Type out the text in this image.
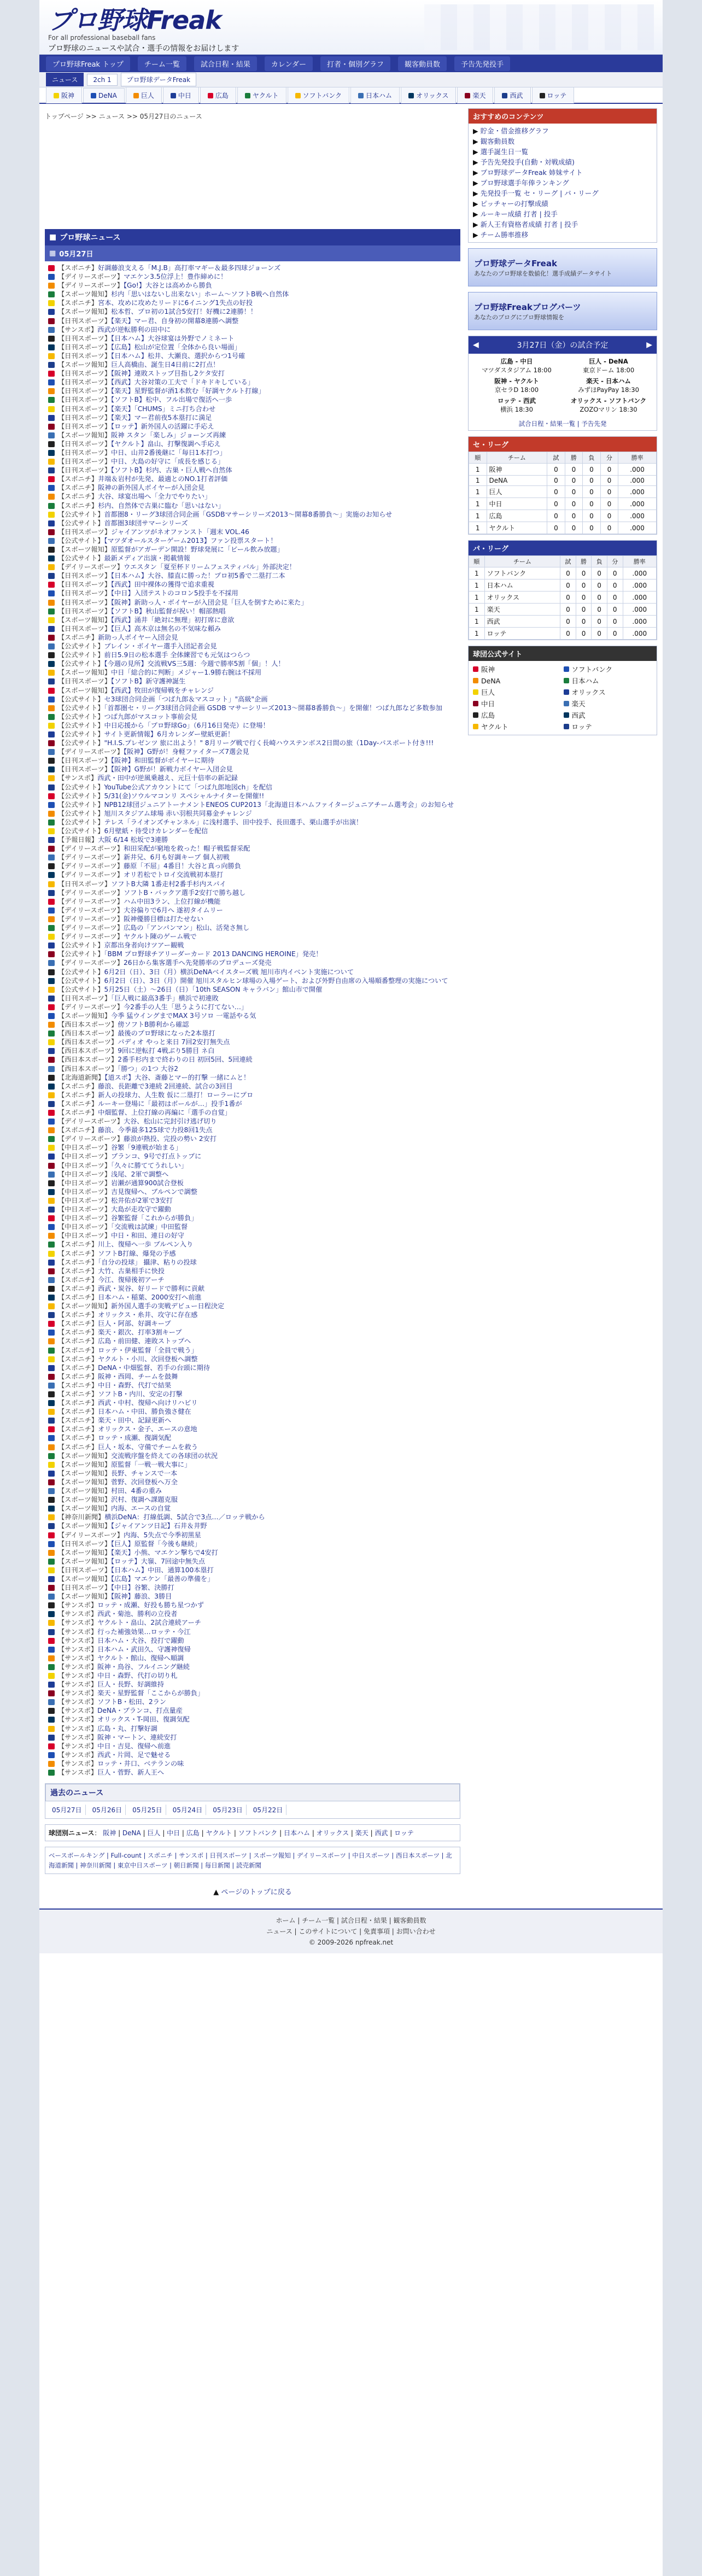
プロ野球Freak
For all professional baseball fans
プロ野球のニュースや試合・選手の情報をお届けします
プロ野球Freak トップ	チーム一覧	試合日程・結果	カレンダー	打者・個別グラフ	観客動員数	予告先発投手
ニュース	2ch 1	プロ野球データFreak
阪神	DeNA	巨人	中日	広島	ヤクルト	ソフトバンク	日本ハム	オリックス	楽天	西武	ロッテ
トップページ >> ニュース >> 05月27日のニュース
■ プロ野球ニュース
▦ 05月27日
【スポニチ】好調藤浪支える「M.J.B」高打率マギー＆最多四球ジョーンズ
【デイリースポーツ】マエケン3.5位浮上！豊作締めに！
【デイリースポーツ】【Go!】大谷とは高めから勝負
【スポーツ報知】杉内「思いはないし出来ない」ホーム～ソフトB戦へ自然体
【スポニチ】宮本、攻めに攻めたリードに6イニング1失点の好投
【スポーツ報知】松本哲、プロ初の1試合5安打！好機に2連勝！！
【日刊スポーツ】【楽天】マー君、自身初の開幕8連勝へ調整
【サンスポ】西武が逆転勝利の田中に
【日刊スポーツ】【日本ハム】大谷球宴は外野でノミネート
【日刊スポーツ】【広島】松山が定位置「全体から良い場面」
【日刊スポーツ】【日本ハム】松井、大瀬良、選択からつ1号確
【スポーツ報知】巨人高橋由、誕生日4日前に2打点！
【日刊スポーツ】【阪神】連敗ストップ目指し2ケタ安打
【日刊スポーツ】【西武】大谷対策の工夫で「ドキドキしている」
【日刊スポーツ】【楽天】星野監督が酒1本飲む「好調ヤクルト打線」
【日刊スポーツ】【ソフトB】松中、フル出場で復活へ一歩
【日刊スポーツ】【楽天】「CHUMS」ミニ打ち合わせ
【日刊スポーツ】【楽天】マー君前夜5本塁打に満足
【日刊スポーツ】【ロッテ】新外国人の活躍に手応え
【スポーツ報知】阪神 スタン「楽しみ」ジョーンズ再練
【日刊スポーツ】【ヤクルト】畠山、打撃復調へ手応え
【日刊スポーツ】中日、山井2番後継に「毎日1本打つ」
【日刊スポーツ】中日、大島の好守に「成長を感じる」
【日刊スポーツ】【ソフトB】杉内、古巣・巨人戦へ自然体
【スポニチ】井端＆岩村が先発、最適とのNO.1打者評価
【スポニチ】阪神の新外国人ボイヤーが入団会見
【スポニチ】大谷、球宴出場へ「全力でやりたい」
【スポニチ】杉内、自然体で古巣に臨む「思いはない」
【公式サイト】首都圏8・リーグ3球団合同企画「GSDBマサーシリーズ2013～開幕8番勝負～」実施のお知らせ
【公式サイト】首都圏3球団サマーシリーズ
【日刊スポーツ】ジャイアンツがネオファンスト「週末 VOL.46
【公式サイト】【マツダオールスターゲーム2013】ファン投票スタート！
【スポーツ報知】原監督がアガーデン開設！野球発展に「ビール飲み放題」
【公式サイト】最新メディア出演・掲載情報
【デイリースポーツ】ウエスタン「夏至杯ドリームフェスティバル」外部決定！
【日刊スポーツ】【日本ハム】大谷、膝直に勝った！プロ初5番で二塁打二本
【日刊スポーツ】【西武】田中裸体の獲得で追求重視
【日刊スポーツ】【中日】入団テストのコロン5投手を不採用
【日刊スポーツ】【阪神】新助っ人・ボイヤーが入団会見「巨人を倒すために来た」
【日刊スポーツ】【ソフトB】秋山監督が祝い！帽部熱唱
【スポーツ報知】【西武】涌井「絶対に無理」初打席に意欲
【日刊スポーツ】【巨人】高木京は無名の不気味な頼み
【スポニチ】新助っ人ボイヤー入団会見
【公式サイト】ブレイン・ボイヤー選手入団記者会見
【公式サイト】前日5.9日の松本選手 全体練習でも元気はつらつ
【公式サイト】【今週の見所】交流戦VS三5週：今週で勝率5割「個」！人！
【スポーツ報知】中日「総合的に判断」メジャー1.9勝右腕は不採用
【日刊スポーツ】【ソフトB】新守護神誕生
【スポーツ報知】【西武】牧田が復帰戦をチャレンジ
【公式サイト】セ3球団合同企画「つば九郎＆マスコット」"高級"企画
【公式サイト】「首都圏セ・リーグ3球団合同企画 GSDB マサーシリーズ2013～開幕8番勝負～」を開催！つば九郎など多数参加
【公式サイト】つば九郎がマスコット事前会見
【公式サイト】中日応援から「プロ野球Go」（6月16日発売）に登場！
【公式サイト】サイト更新情報】6月カレンダー壁紙更新！
【公式サイト】"H.I.S.プレゼンツ 旅に出よう！" 8月リーグ戦で行く長崎ハウステンボス2日間の旅（1Day-パスポート付き!!!
【デイリースポーツ】【阪神】G野が！身軽ファイターズ7選会見
【日刊スポーツ】【阪神】和田監督がボイヤーに期待
【日刊スポーツ】【阪神】G野が！新戦力ボイヤー入団会見
【サンスポ】西武・田中が逆風乗越え、元巨十倍率の新記録
【公式サイト】YouTube公式アカウントにて「つば九郎地図ch」を配信
【公式サイト】5/31(金)ソウルマコンリ スペシャルナイターを開催!!
【公式サイト】NPB12球団ジュニアトーナメントENEOS CUP2013「北海道日本ハムファイタージュニアチーム選考会」のお知らせ
【公式サイト】旭川スタジアム球場 赤い羽根共同募金チャレンジ
【公式サイト】テレス「ライオンズチャンネル」に浅村選手、田中投手、長田選手、栗山選手が出演！
【公式サイト】6月壁紙・待受けカレンダーを配信
【予報日報】大阪 6/14 松坂で3連勝
【デイリースポーツ】和田采配が窮地を救った！帽子戦監督采配
【デイリースポーツ】新井兄、6月も好調キープ 個人初戦
【デイリースポーツ】藤原「不屈」4番目！大谷と真っ向勝負
【デイリースポーツ】オリ若松でトロイ交流戦初本塁打
【日刊スポーツ】ソフトB大隣 1番走村2番手杉内スパイ
【デイリースポーツ】ソフトB・バックア選手2安打で勝ち越し
【デイリースポーツ】ハム中田3ラン、上位打線が機能
【デイリースポーツ】大谷偏りで6月へ 遂初タイムリー
【デイリースポーツ】阪神優勝目標は打たせない
【デイリースポーツ】広島の「アンパンマン」松山、活発さ無し
【デイリースポーツ】ヤクルト陳のゲーム戦で
【公式サイト】京都出身者向けツアー観戦
【公式サイト】「BBM プロ野球チアリーダーカード 2013 DANCING HEROINE」発売！
【デイリースポーツ】26日から集客選手へ先発勝率のプロデューズ発売
【公式サイト】6月2日（日）、3日（月）横浜DeNAベイスターズ戦 旭川市内イベント実施について
【公式サイト】6月2日（日）、3日（月）開催 旭川スタルヒン球場の入場ゲート、および外野自由席の入場順番整理の実施について
【公式サイト】5月25日（土）～26日（日）「10th SEASON キャラバン」館山市で開催
【日刊スポーツ】「巨人戦に最高3番手」横浜で初連敗
【デイリースポーツ】今2番手の人生「思うように打てない…」
【スポーツ報知】今季 猛ウイングまでMAX 3号ソロ 一電話やる気
【西日本スポーツ】傍ソフトB勝利から確認
【西日本スポーツ】最後のプロ野球になった2本塁打
【西日本スポーツ】パディオ やっと来日 7回2安打無失点
【西日本スポーツ】9回に逆転打 4戦ぶり5勝目 ネ白
【西日本スポーツ】2番手杉内まで終わりの日 初回5回、5回連続
【西日本スポーツ】「勝つ」の1つ 大谷2
【北海道新聞】【道スポ】大谷、斎藤とマー的打撃 一緒にムと！
【スポニチ】藤浪、長距離で3連続 2回連続、試合の3回目
【スポニチ】新人の投球力、人生数 仮に二塁打！ローラーにプロ
【スポニチ】ルーキー登場に「最初はボールが…」投手1番が
【スポニチ】中畑監督、上位打線の再編に「選手の自覚」
【デイリースポーツ】大谷、松山に完封引け逃げ切り
【スポニチ】藤浪、今季最多125球で力投8回1失点
【デイリースポーツ】藤浪が熱投、完投の勢い 2安打
【中日スポーツ】谷繁「9連戦が始まる」
【中日スポーツ】ブランコ、9号で打点トップに
【中日スポーツ】「久々に勝ててうれしい」
【中日スポーツ】浅尾、2軍で調整へ
【中日スポーツ】岩瀬が通算900試合登板
【中日スポーツ】吉見復帰へ、ブルペンで調整
【中日スポーツ】松井佑が2軍で3安打
【中日スポーツ】大島が走攻守で躍動
【中日スポーツ】谷繁監督「これからが勝負」
【中日スポーツ】「交流戦は試練」中田監督
【中日スポーツ】中日・和田、連日の好守
【スポニチ】川上、復帰へ一歩 ブルペン入り
【スポニチ】ソフトB打線、爆発の予感
【スポニチ】「自分の投球」 攝津、粘りの投球
【スポニチ】大竹、古巣相手に快投
【スポニチ】今江、復帰後初アーチ
【スポニチ】西武・炭谷、好リードで勝利に貢献
【スポニチ】日本ハム・稲葉、2000安打へ前進
【スポーツ報知】新外国人選手の実戦デビュー日程決定
【スポニチ】オリックス・糸井、攻守に存在感
【スポニチ】巨人・阿部、好調キープ
【スポニチ】楽天・銀次、打率3割キープ
【スポニチ】広島・前田健、連敗ストップへ
【スポニチ】ロッテ・伊東監督「全員で戦う」
【スポニチ】ヤクルト・小川、次回登板へ調整
【スポニチ】DeNA・中畑監督、若手の台頭に期待
【スポニチ】阪神・西岡、チームを鼓舞
【スポニチ】中日・森野、代打で結果
【スポニチ】ソフトB・内川、安定の打撃
【スポニチ】西武・中村、復帰へ向けリハビリ
【スポニチ】日本ハム・中田、勝負強さ健在
【スポニチ】楽天・田中、記録更新へ
【スポニチ】オリックス・金子、エースの意地
【スポニチ】ロッテ・成瀬、復調気配
【スポニチ】巨人・坂本、守備でチームを救う
【スポーツ報知】交流戦序盤を終えての各球団の状況
【スポーツ報知】原監督「一戦一戦大事に」
【スポーツ報知】長野、チャンスで一本
【スポーツ報知】菅野、次回登板へ万全
【スポーツ報知】村田、4番の重み
【スポーツ報知】沢村、復調へ課題克服
【スポーツ報知】内海、エースの自覚
【神奈川新聞】横浜DeNA：打線低調、5試合で3点…／ロッテ戦から
【スポーツ報知】【ジャイアンツ日記】石井＆井野
【デイリースポーツ】内海、5失点で今季初黒星
【日刊スポーツ】【巨人】原監督「今後も継続」
【スポーツ報知】【楽天】小熊、マエケン撃ちで4安打
【スポーツ報知】【ロッテ】大嶺、7回途中無失点
【日刊スポーツ】【日本ハム】中田、通算100本塁打
【スポーツ報知】【広島】マエケン「最善の準備を」
【日刊スポーツ】【中日】谷繁、決勝打
【スポーツ報知】【阪神】藤浪、3勝目
【サンスポ】ロッテ・成瀬、好投も勝ち星つかず
【サンスポ】西武・菊池、勝利の立役者
【サンスポ】ヤクルト・畠山、2試合連続アーチ
【サンスポ】行った補強効果…ロッテ・今江
【サンスポ】日本ハム・大谷、投打で躍動
【サンスポ】日本ハム・武田久、守護神復帰
【サンスポ】ヤクルト・館山、復帰へ順調
【サンスポ】阪神・鳥谷、フルイニング継続
【サンスポ】中日・森野、代打の切り札
【サンスポ】巨人・長野、好調維持
【サンスポ】楽天・星野監督「ここからが勝負」
【サンスポ】ソフトB・松田、2ラン
【サンスポ】DeNA・ブランコ、打点量産
【サンスポ】オリックス・T-岡田、復調気配
【サンスポ】広島・丸、打撃好調
【サンスポ】阪神・マートン、連続安打
【サンスポ】中日・吉見、復帰へ前進
【サンスポ】西武・片岡、足で魅せる
【サンスポ】ロッテ・井口、ベテランの味
【サンスポ】巨人・菅野、新人王へ
過去のニュース
05月27日	05月26日	05月25日	05月24日	05月23日	05月22日
球団別ニュース： 阪神 | DeNA | 巨人 | 中日 | 広島 | ヤクルト | ソフトバンク | 日本ハム | オリックス | 楽天 | 西武 | ロッテ
ベースボールキング | Full-count | スポニチ | サンスポ | 日刊スポーツ | スポーツ報知 | デイリースポーツ | 中日スポーツ | 西日本スポーツ | 北海道新聞 | 神奈川新聞 | 東京中日スポーツ | 朝日新聞 | 毎日新聞 | 読売新聞
▲ ページのトップに戻る
おすすめのコンテンツ
▶ 貯金・借金推移グラフ
▶ 観客動員数
▶ 選手誕生日一覧
▶ 予告先発投手(自動・対戦成績)
▶ プロ野球データFreak 姉妹サイト
▶ プロ野球選手年俸ランキング
▶ 先発投手一覧 セ・リーグ | パ・リーグ
▶ ピッチャーの打撃成績
▶ ルーキー成績 打者 | 投手
▶ 新人王有資格者成績 打者 | 投手
▶ チーム勝率推移
プロ野球データFreak
あなたのプロ野球を数値化！選手成績データサイト
プロ野球Freakブログパーツ
あなたのブログにプロ野球情報を
◀	3月27日（金）の試合予定	▶
広島 - 中日
マツダスタジアム 18:00
巨人 - DeNA
東京ドーム 18:00
阪神 - ヤクルト
京セラD 18:00
楽天 - 日本ハム
みずほPayPay 18:30
ロッテ - 西武
横浜 18:30
オリックス - ソフトバンク
ZOZOマリン 18:30
試合日程・結果一覧 | 予告先発
セ・リーグ
順	チーム	試	勝	負	分	勝率
1	阪神	0	0	0	0	.000
1	DeNA	0	0	0	0	.000
1	巨人	0	0	0	0	.000
1	中日	0	0	0	0	.000
1	広島	0	0	0	0	.000
1	ヤクルト	0	0	0	0	.000
パ・リーグ
順	チーム	試	勝	負	分	勝率
1	ソフトバンク	0	0	0	0	.000
1	日本ハム	0	0	0	0	.000
1	オリックス	0	0	0	0	.000
1	楽天	0	0	0	0	.000
1	西武	0	0	0	0	.000
1	ロッテ	0	0	0	0	.000
球団公式サイト
阪神	ソフトバンク
DeNA	日本ハム
巨人	オリックス
中日	楽天
広島	西武
ヤクルト	ロッテ
ホーム | チーム一覧 | 試合日程・結果 | 観客動員数
ニュース | このサイトについて | 免責事項 | お問い合わせ
© 2009-2026 npfreak.net
